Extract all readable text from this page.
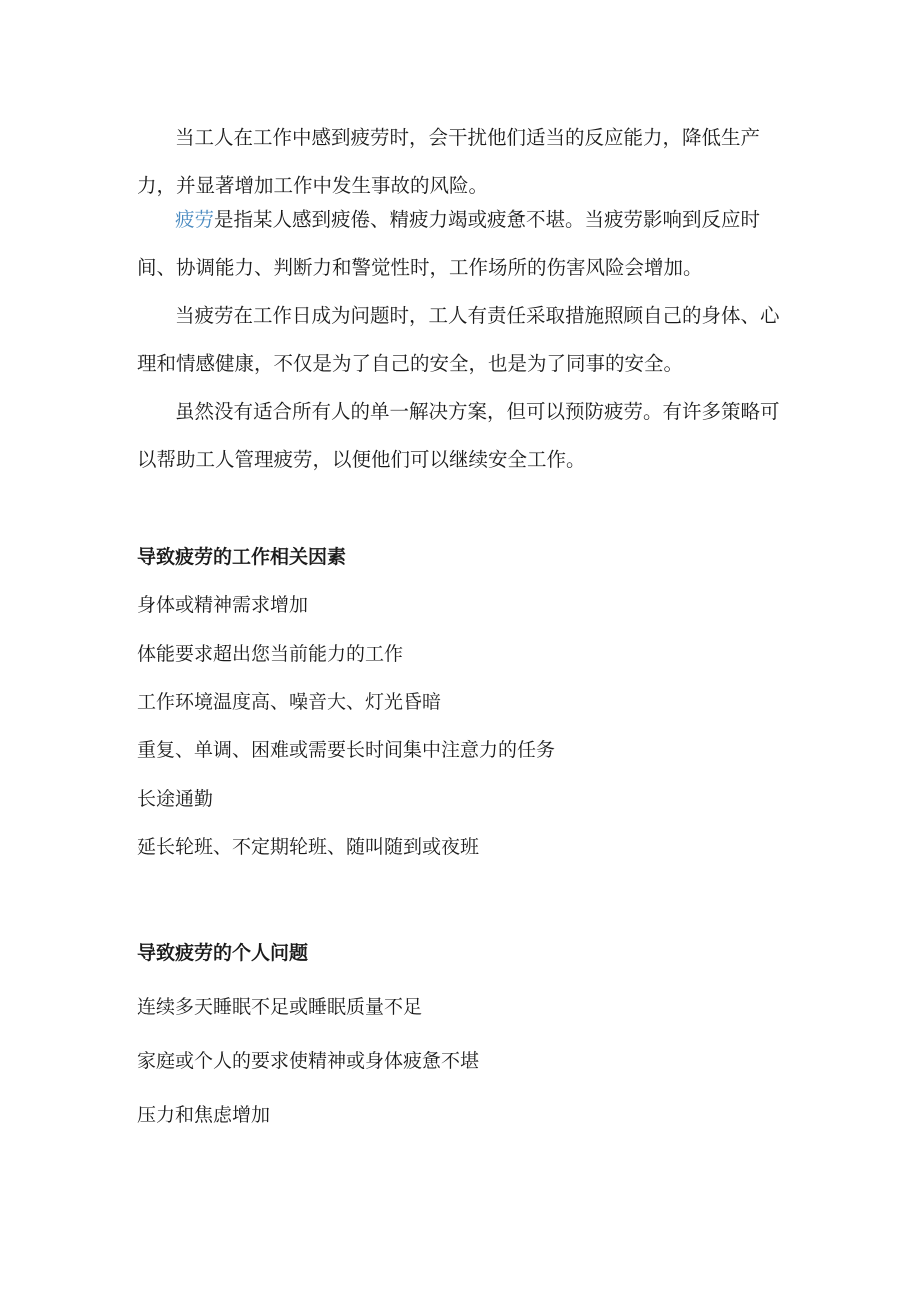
当工人在工作中感到疲劳时，会干扰他们适当的反应能力，降低生产力，并显著增加工作中发生事故的风险。

疲劳是指某人感到疲倦、精疲力竭或疲惫不堪。当疲劳影响到反应时间、协调能力、判断力和警觉性时，工作场所的伤害风险会增加。

当疲劳在工作日成为问题时，工人有责任采取措施照顾自己的身体、心理和情感健康，不仅是为了自己的安全，也是为了同事的安全。

虽然没有适合所有人的单一解决方案，但可以预防疲劳。有许多策略可以帮助工人管理疲劳，以便他们可以继续安全工作。

导致疲劳的工作相关因素

身体或精神需求增加

体能要求超出您当前能力的工作

工作环境温度高、噪音大、灯光昏暗

重复、单调、困难或需要长时间集中注意力的任务

长途通勤

延长轮班、不定期轮班、随叫随到或夜班

导致疲劳的个人问题

连续多天睡眠不足或睡眠质量不足

家庭或个人的要求使精神或身体疲惫不堪

压力和焦虑增加
